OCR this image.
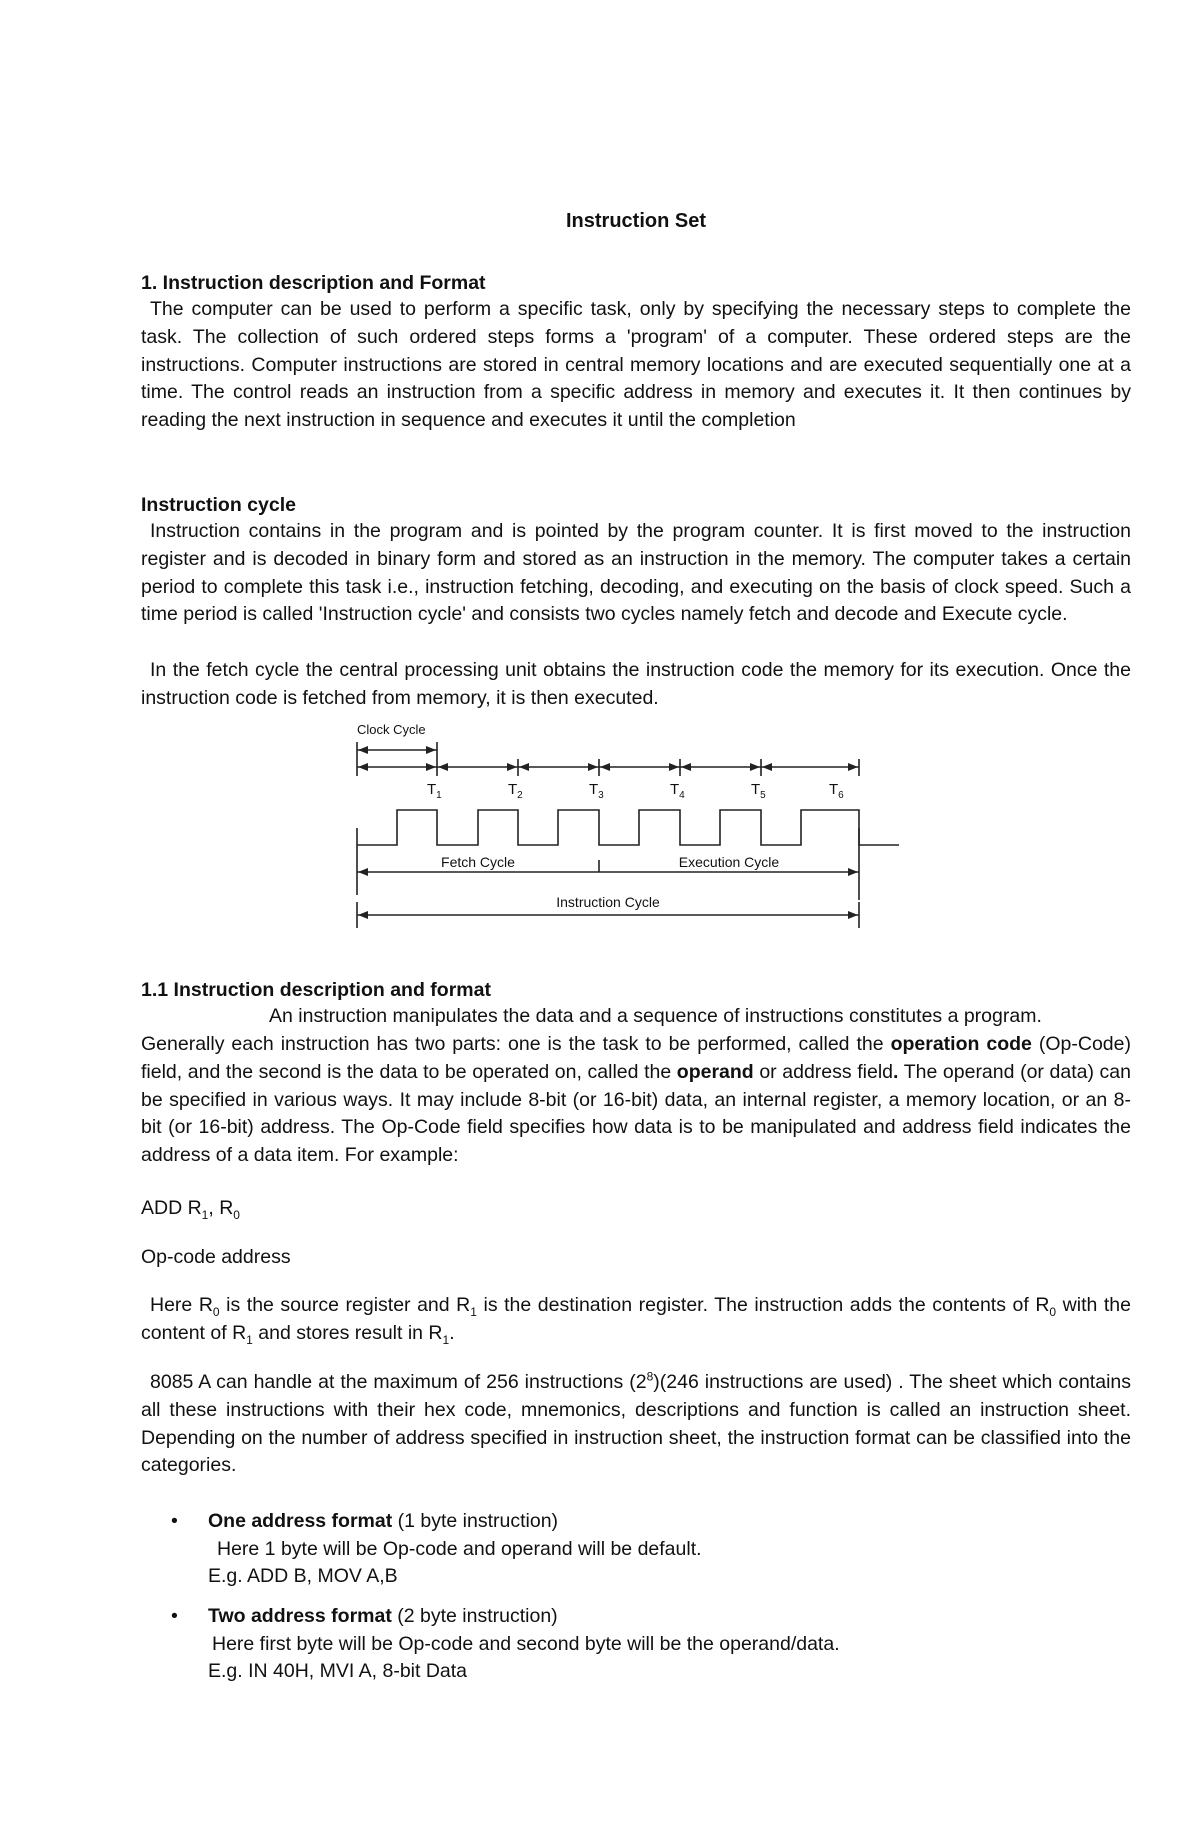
Instruction Set
1. Instruction description and Format
The computer can be used to perform a specific task, only by specifying the necessary steps to complete the task. The collection of such ordered steps forms a 'program' of a computer. These ordered steps are the instructions. Computer instructions are stored in central memory locations and are executed sequentially one at a time. The control reads an instruction from a specific address in memory and executes it. It then continues by reading the next instruction in sequence and executes it until the completion
Instruction cycle
Instruction contains in the program and is pointed by the program counter. It is first moved to the instruction register and is decoded in binary form and stored as an instruction in the memory. The computer takes a certain period to complete this task i.e., instruction fetching, decoding, and executing on the basis of clock speed. Such a time period is called 'Instruction cycle' and consists two cycles namely fetch and decode and Execute cycle.
In the fetch cycle the central processing unit obtains the instruction code the memory for its execution. Once the instruction code is fetched from memory, it is then executed.
Clock Cycle
$T_1$	$T_2$	$T_3$	$T_4$	$T_5$	$T_6$
Fetch Cycle	Execution Cycle
Instruction Cycle
1.1 Instruction description and format
An instruction manipulates the data and a sequence of instructions constitutes a program.
Generally each instruction has two parts: one is the task to be performed, called the operation code (Op-Code) field, and the second is the data to be operated on, called the operand or address field. The operand (or data) can be specified in various ways. It may include 8-bit (or 16-bit) data, an internal register, a memory location, or an 8-bit (or 16-bit) address. The Op-Code field specifies how data is to be manipulated and address field indicates the address of a data item. For example:
ADD $R_1$, $R_0$
Op-code address
Here $R_0$ is the source register and $R_1$ is the destination register. The instruction adds the contents of $R_0$ with the content of $R_1$ and stores result in $R_1$.
8085 A can handle at the maximum of 256 instructions $(2^8)(246$ instructions are used) . The sheet which contains all these instructions with their hex code, mnemonics, descriptions and function is called an instruction sheet. Depending on the number of address specified in instruction sheet, the instruction format can be classified into the categories.
• One address format (1 byte instruction)
Here 1 byte will be Op-code and operand will be default.
E.g. ADD B, MOV A,B
• Two address format (2 byte instruction)
Here first byte will be Op-code and second byte will be the operand/data.
E.g. IN 40H, MVI A, 8-bit Data
